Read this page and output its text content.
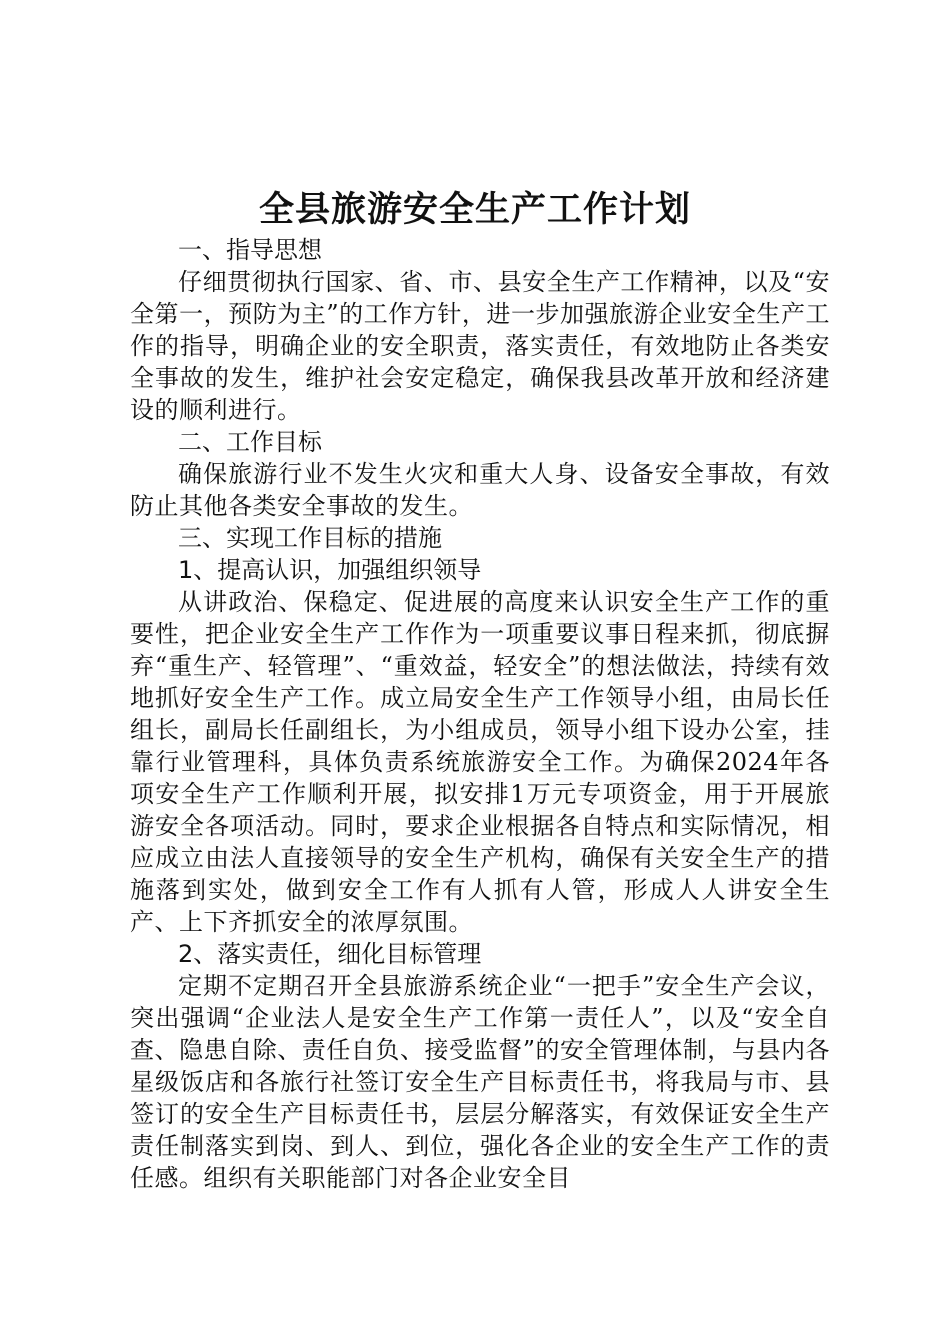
全县旅游安全生产工作计划

一、指导思想

仔细贯彻执行国家、省、市、县安全生产工作精神，以及“安全第一，预防为主”的工作方针，进一步加强旅游企业安全生产工作的指导，明确企业的安全职责，落实责任，有效地防止各类安全事故的发生，维护社会安定稳定，确保我县改革开放和经济建设的顺利进行。

二、工作目标

确保旅游行业不发生火灾和重大人身、设备安全事故，有效防止其他各类安全事故的发生。

三、实现工作目标的措施

1、提高认识，加强组织领导

从讲政治、保稳定、促进展的高度来认识安全生产工作的重要性，把企业安全生产工作作为一项重要议事日程来抓，彻底摒弃“重生产、轻管理”、“重效益，轻安全”的想法做法，持续有效地抓好安全生产工作。成立局安全生产工作领导小组，由局长任组长，副局长任副组长，为小组成员，领导小组下设办公室，挂靠行业管理科，具体负责系统旅游安全工作。为确保2024年各项安全生产工作顺利开展，拟安排1万元专项资金，用于开展旅游安全各项活动。同时，要求企业根据各自特点和实际情况，相应成立由法人直接领导的安全生产机构，确保有关安全生产的措施落到实处，做到安全工作有人抓有人管，形成人人讲安全生产、上下齐抓安全的浓厚氛围。

2、落实责任，细化目标管理

定期不定期召开全县旅游系统企业“一把手”安全生产会议，突出强调“企业法人是安全生产工作第一责任人”，以及“安全自查、隐患自除、责任自负、接受监督”的安全管理体制，与县内各星级饭店和各旅行社签订安全生产目标责任书，将我局与市、县签订的安全生产目标责任书，层层分解落实，有效保证安全生产责任制落实到岗、到人、到位，强化各企业的安全生产工作的责任感。组织有关职能部门对各企业安全目
